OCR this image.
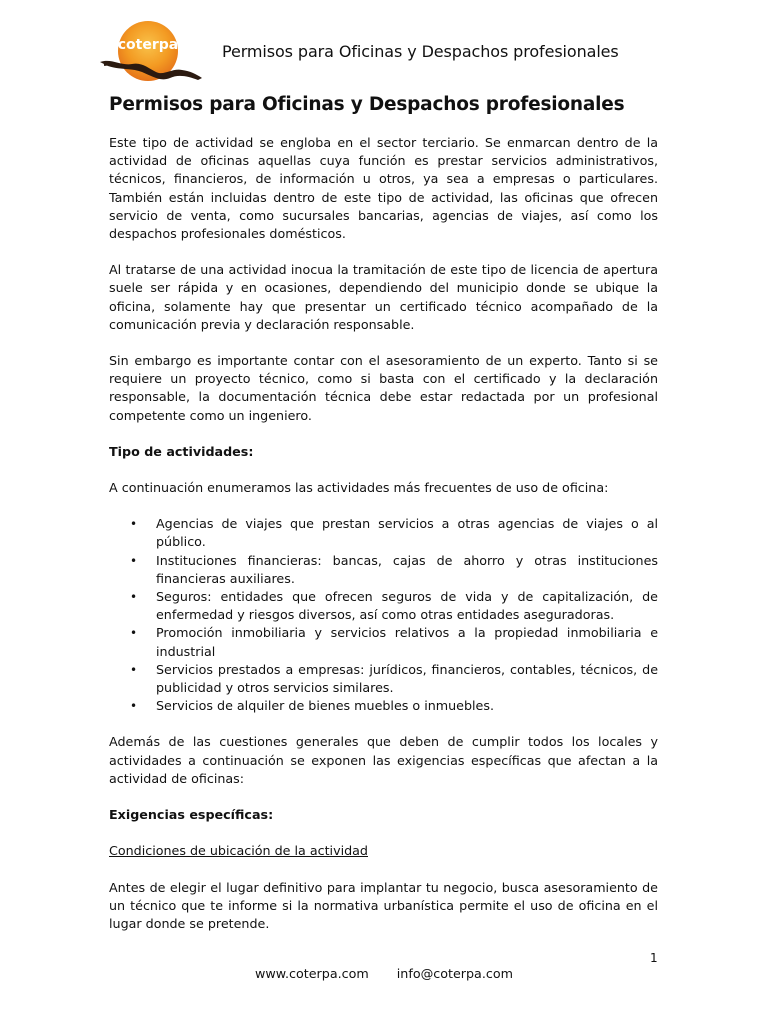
coterpa	Permisos para Oficinas y Despachos profesionales
Permisos para Oficinas y Despachos profesionales

Este tipo de actividad se engloba en el sector terciario. Se enmarcan dentro de la actividad de oficinas aquellas cuya función es prestar servicios administrativos, técnicos, financieros, de información u otros, ya sea a empresas o particulares. También están incluidas dentro de este tipo de actividad, las oficinas que ofrecen servicio de venta, como sucursales bancarias, agencias de viajes, así como los despachos profesionales domésticos.

Al tratarse de una actividad inocua la tramitación de este tipo de licencia de apertura suele ser rápida y en ocasiones, dependiendo del municipio donde se ubique la oficina, solamente hay que presentar un certificado técnico acompañado de la comunicación previa y declaración responsable.

Sin embargo es importante contar con el asesoramiento de un experto. Tanto si se requiere un proyecto técnico, como si basta con el certificado y la declaración responsable, la documentación técnica debe estar redactada por un profesional competente como un ingeniero.

Tipo de actividades:

A continuación enumeramos las actividades más frecuentes de uso de oficina:

• Agencias de viajes que prestan servicios a otras agencias de viajes o al público.
• Instituciones financieras: bancas, cajas de ahorro y otras instituciones financieras auxiliares.
• Seguros: entidades que ofrecen seguros de vida y de capitalización, de enfermedad y riesgos diversos, así como otras entidades aseguradoras.
• Promoción inmobiliaria y servicios relativos a la propiedad inmobiliaria e industrial
• Servicios prestados a empresas: jurídicos, financieros, contables, técnicos, de publicidad y otros servicios similares.
• Servicios de alquiler de bienes muebles o inmuebles.

Además de las cuestiones generales que deben de cumplir todos los locales y actividades a continuación se exponen las exigencias específicas que afectan a la actividad de oficinas:

Exigencias específicas:
Condiciones de ubicación de la actividad

Antes de elegir el lugar definitivo para implantar tu negocio, busca asesoramiento de un técnico que te informe si la normativa urbanística permite el uso de oficina en el lugar donde se pretende.

1
www.coterpa.com info@coterpa.com
